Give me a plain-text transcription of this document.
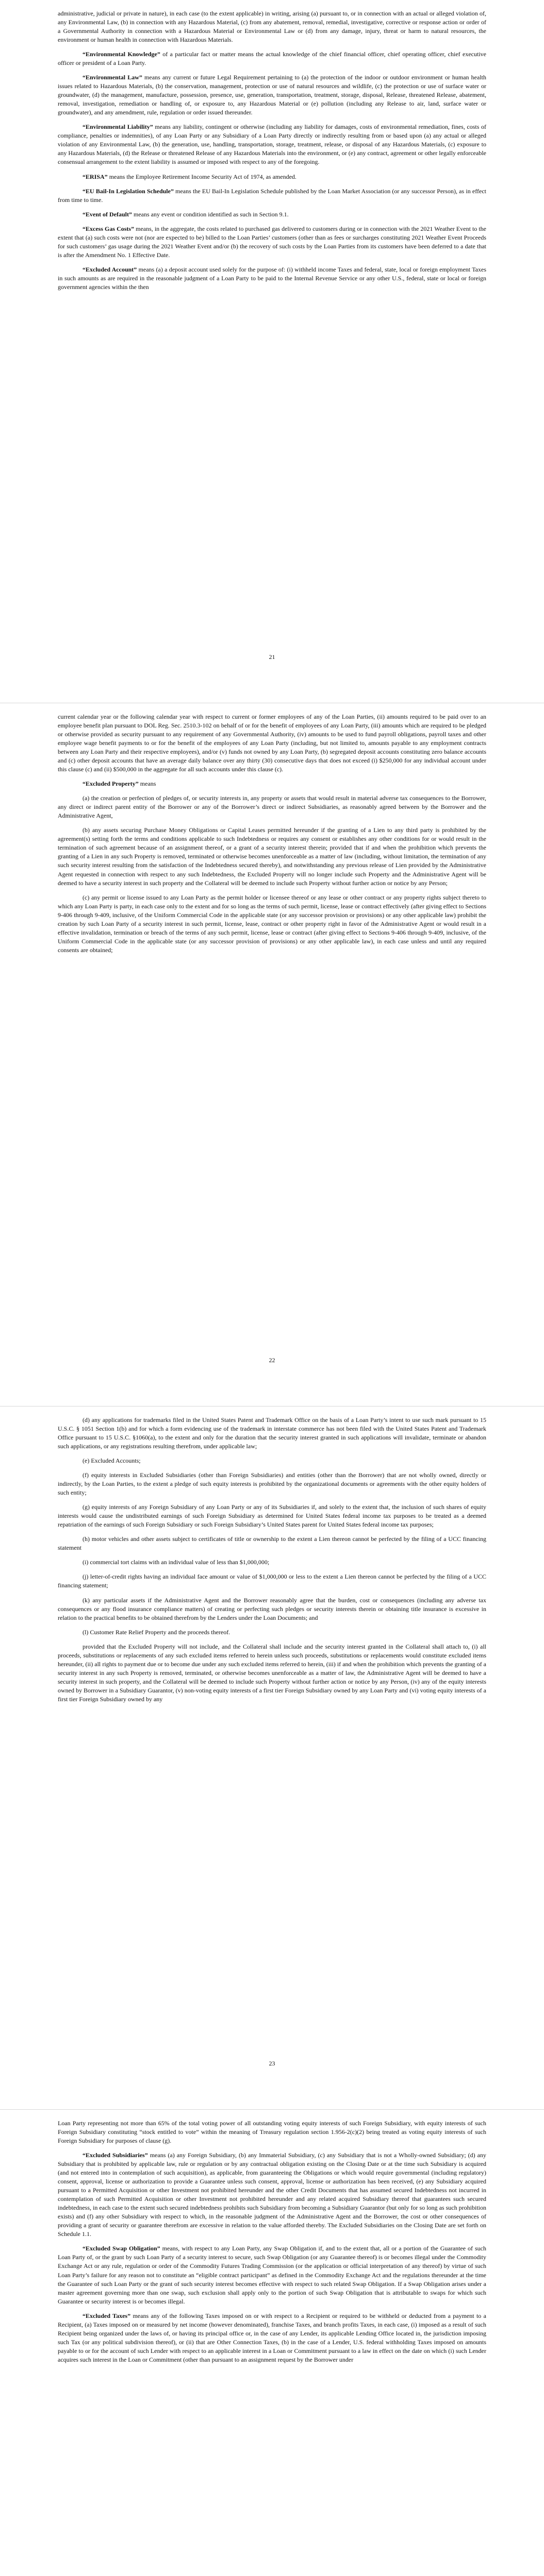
administrative, judicial or private in nature), in each case (to the extent applicable) in writing, arising (a) pursuant to, or in connection with an actual or alleged violation of, any Environmental Law, (b) in connection with any Hazardous Material, (c) from any abatement, removal, remedial, investigative, corrective or response action or order of a Governmental Authority in connection with a Hazardous Material or Environmental Law or (d) from any damage, injury, threat or harm to natural resources, the environment or human health in connection with Hazardous Materials.

“Environmental Knowledge” of a particular fact or matter means the actual knowledge of the chief financial officer, chief operating officer, chief executive officer or president of a Loan Party.

“Environmental Law” means any current or future Legal Requirement pertaining to (a) the protection of the indoor or outdoor environment or human health issues related to Hazardous Materials, (b) the conservation, management, protection or use of natural resources and wildlife, (c) the protection or use of surface water or groundwater, (d) the management, manufacture, possession, presence, use, generation, transportation, treatment, storage, disposal, Release, threatened Release, abatement, removal, investigation, remediation or handling of, or exposure to, any Hazardous Material or (e) pollution (including any Release to air, land, surface water or groundwater), and any amendment, rule, regulation or order issued thereunder.

“Environmental Liability” means any liability, contingent or otherwise (including any liability for damages, costs of environmental remediation, fines, costs of compliance, penalties or indemnities), of any Loan Party or any Subsidiary of a Loan Party directly or indirectly resulting from or based upon (a) any actual or alleged violation of any Environmental Law, (b) the generation, use, handling, transportation, storage, treatment, release, or disposal of any Hazardous Materials, (c) exposure to any Hazardous Materials, (d) the Release or threatened Release of any Hazardous Materials into the environment, or (e) any contract, agreement or other legally enforceable consensual arrangement to the extent liability is assumed or imposed with respect to any of the foregoing.

“ERISA” means the Employee Retirement Income Security Act of 1974, as amended.

“EU Bail-In Legislation Schedule” means the EU Bail-In Legislation Schedule published by the Loan Market Association (or any successor Person), as in effect from time to time.

“Event of Default” means any event or condition identified as such in Section 9.1.

“Excess Gas Costs” means, in the aggregate, the costs related to purchased gas delivered to customers during or in connection with the 2021 Weather Event to the extent that (a) such costs were not (nor are expected to be) billed to the Loan Parties’ customers (other than as fees or surcharges constituting 2021 Weather Event Proceeds for such customers’ gas usage during the 2021 Weather Event and/or (b) the recovery of such costs by the Loan Parties from its customers have been deferred to a date that is after the Amendment No. 1 Effective Date.

“Excluded Account” means (a) a deposit account used solely for the purpose of: (i) withheld income Taxes and federal, state, local or foreign employment Taxes in such amounts as are required in the reasonable judgment of a Loan Party to be paid to the Internal Revenue Service or any other U.S., federal, state or local or foreign government agencies within the then

21

current calendar year or the following calendar year with respect to current or former employees of any of the Loan Parties, (ii) amounts required to be paid over to an employee benefit plan pursuant to DOL Reg. Sec. 2510.3-102 on behalf of or for the benefit of employees of any Loan Party, (iii) amounts which are required to be pledged or otherwise provided as security pursuant to any requirement of any Governmental Authority, (iv) amounts to be used to fund payroll obligations, payroll taxes and other employee wage benefit payments to or for the benefit of the employees of any Loan Party (including, but not limited to, amounts payable to any employment contracts between any Loan Party and their respective employees), and/or (v) funds not owned by any Loan Party, (b) segregated deposit accounts constituting zero balance accounts and (c) other deposit accounts that have an average daily balance over any thirty (30) consecutive days that does not exceed (i) $250,000 for any individual account under this clause (c) and (ii) $500,000 in the aggregate for all such accounts under this clause (c).

“Excluded Property” means

(a) the creation or perfection of pledges of, or security interests in, any property or assets that would result in material adverse tax consequences to the Borrower, any direct or indirect parent entity of the Borrower or any of the Borrower’s direct or indirect Subsidiaries, as reasonably agreed between by the Borrower and the Administrative Agent,

(b) any assets securing Purchase Money Obligations or Capital Leases permitted hereunder if the granting of a Lien to any third party is prohibited by the agreement(s) setting forth the terms and conditions applicable to such Indebtedness or requires any consent or establishes any other conditions for or would result in the termination of such agreement because of an assignment thereof, or a grant of a security interest therein; provided that if and when the prohibition which prevents the granting of a Lien in any such Property is removed, terminated or otherwise becomes unenforceable as a matter of law (including, without limitation, the termination of any such security interest resulting from the satisfaction of the Indebtedness secured thereby), and notwithstanding any previous release of Lien provided by the Administrative Agent requested in connection with respect to any such Indebtedness, the Excluded Property will no longer include such Property and the Administrative Agent will be deemed to have a security interest in such property and the Collateral will be deemed to include such Property without further action or notice by any Person;

(c) any permit or license issued to any Loan Party as the permit holder or licensee thereof or any lease or other contract or any property rights subject thereto to which any Loan Party is party, in each case only to the extent and for so long as the terms of such permit, license, lease or contract effectively (after giving effect to Sections 9-406 through 9-409, inclusive, of the Uniform Commercial Code in the applicable state (or any successor provision or provisions) or any other applicable law) prohibit the creation by such Loan Party of a security interest in such permit, license, lease, contract or other property right in favor of the Administrative Agent or would result in a effective invalidation, termination or breach of the terms of any such permit, license, lease or contract (after giving effect to Sections 9-406 through 9-409, inclusive, of the Uniform Commercial Code in the applicable state (or any successor provision of provisions) or any other applicable law), in each case unless and until any required consents are obtained;

22

(d) any applications for trademarks filed in the United States Patent and Trademark Office on the basis of a Loan Party’s intent to use such mark pursuant to 15 U.S.C. § 1051 Section 1(b) and for which a form evidencing use of the trademark in interstate commerce has not been filed with the United States Patent and Trademark Office pursuant to 15 U.S.C. §1060(a), to the extent and only for the duration that the security interest granted in such applications will invalidate, terminate or abandon such applications, or any registrations resulting therefrom, under applicable law;

(e) Excluded Accounts;

(f) equity interests in Excluded Subsidiaries (other than Foreign Subsidiaries) and entities (other than the Borrower) that are not wholly owned, directly or indirectly, by the Loan Parties, to the extent a pledge of such equity interests is prohibited by the organizational documents or agreements with the other equity holders of such entity;

(g) equity interests of any Foreign Subsidiary of any Loan Party or any of its Subsidiaries if, and solely to the extent that, the inclusion of such shares of equity interests would cause the undistributed earnings of such Foreign Subsidiary as determined for United States federal income tax purposes to be treated as a deemed repatriation of the earnings of such Foreign Subsidiary or such Foreign Subsidiary’s United States parent for United States federal income tax purposes;

(h) motor vehicles and other assets subject to certificates of title or ownership to the extent a Lien thereon cannot be perfected by the filing of a UCC financing statement

(i) commercial tort claims with an individual value of less than $1,000,000;

(j) letter-of-credit rights having an individual face amount or value of $1,000,000 or less to the extent a Lien thereon cannot be perfected by the filing of a UCC financing statement;

(k) any particular assets if the Administrative Agent and the Borrower reasonably agree that the burden, cost or consequences (including any adverse tax consequences or any flood insurance compliance matters) of creating or perfecting such pledges or security interests therein or obtaining title insurance is excessive in relation to the practical benefits to be obtained therefrom by the Lenders under the Loan Documents; and

(l) Customer Rate Relief Property and the proceeds thereof.

provided that the Excluded Property will not include, and the Collateral shall include and the security interest granted in the Collateral shall attach to, (i) all proceeds, substitutions or replacements of any such excluded items referred to herein unless such proceeds, substitutions or replacements would constitute excluded items hereunder, (ii) all rights to payment due or to become due under any such excluded items referred to herein, (iii) if and when the prohibition which prevents the granting of a security interest in any such Property is removed, terminated, or otherwise becomes unenforceable as a matter of law, the Administrative Agent will be deemed to have a security interest in such property, and the Collateral will be deemed to include such Property without further action or notice by any Person, (iv) any of the equity interests owned by Borrower in a Subsidiary Guarantor, (v) non-voting equity interests of a first tier Foreign Subsidiary owned by any Loan Party and (vi) voting equity interests of a first tier Foreign Subsidiary owned by any

23

Loan Party representing not more than 65% of the total voting power of all outstanding voting equity interests of such Foreign Subsidiary, with equity interests of such Foreign Subsidiary constituting “stock entitled to vote” within the meaning of Treasury regulation section 1.956-2(c)(2) being treated as voting equity interests of such Foreign Subsidiary for purposes of clause (g).

“Excluded Subsidiaries” means (a) any Foreign Subsidiary, (b) any Immaterial Subsidiary, (c) any Subsidiary that is not a Wholly-owned Subsidiary; (d) any Subsidiary that is prohibited by applicable law, rule or regulation or by any contractual obligation existing on the Closing Date or at the time such Subsidiary is acquired (and not entered into in contemplation of such acquisition), as applicable, from guaranteeing the Obligations or which would require governmental (including regulatory) consent, approval, license or authorization to provide a Guarantee unless such consent, approval, license or authorization has been received, (e) any Subsidiary acquired pursuant to a Permitted Acquisition or other Investment not prohibited hereunder and the other Credit Documents that has assumed secured Indebtedness not incurred in contemplation of such Permitted Acquisition or other Investment not prohibited hereunder and any related acquired Subsidiary thereof that guarantees such secured indebtedness, in each case to the extent such secured indebtedness prohibits such Subsidiary from becoming a Subsidiary Guarantor (but only for so long as such prohibition exists) and (f) any other Subsidiary with respect to which, in the reasonable judgment of the Administrative Agent and the Borrower, the cost or other consequences of providing a grant of security or guarantee therefrom are excessive in relation to the value afforded thereby. The Excluded Subsidiaries on the Closing Date are set forth on Schedule 1.1.

“Excluded Swap Obligation” means, with respect to any Loan Party, any Swap Obligation if, and to the extent that, all or a portion of the Guarantee of such Loan Party of, or the grant by such Loan Party of a security interest to secure, such Swap Obligation (or any Guarantee thereof) is or becomes illegal under the Commodity Exchange Act or any rule, regulation or order of the Commodity Futures Trading Commission (or the application or official interpretation of any thereof) by virtue of such Loan Party’s failure for any reason not to constitute an “eligible contract participant” as defined in the Commodity Exchange Act and the regulations thereunder at the time the Guarantee of such Loan Party or the grant of such security interest becomes effective with respect to such related Swap Obligation. If a Swap Obligation arises under a master agreement governing more than one swap, such exclusion shall apply only to the portion of such Swap Obligation that is attributable to swaps for which such Guarantee or security interest is or becomes illegal.

“Excluded Taxes” means any of the following Taxes imposed on or with respect to a Recipient or required to be withheld or deducted from a payment to a Recipient, (a) Taxes imposed on or measured by net income (however denominated), franchise Taxes, and branch profits Taxes, in each case, (i) imposed as a result of such Recipient being organized under the laws of, or having its principal office or, in the case of any Lender, its applicable Lending Office located in, the jurisdiction imposing such Tax (or any political subdivision thereof), or (ii) that are Other Connection Taxes, (b) in the case of a Lender, U.S. federal withholding Taxes imposed on amounts payable to or for the account of such Lender with respect to an applicable interest in a Loan or Commitment pursuant to a law in effect on the date on which (i) such Lender acquires such interest in the Loan or Commitment (other than pursuant to an assignment request by the Borrower under
